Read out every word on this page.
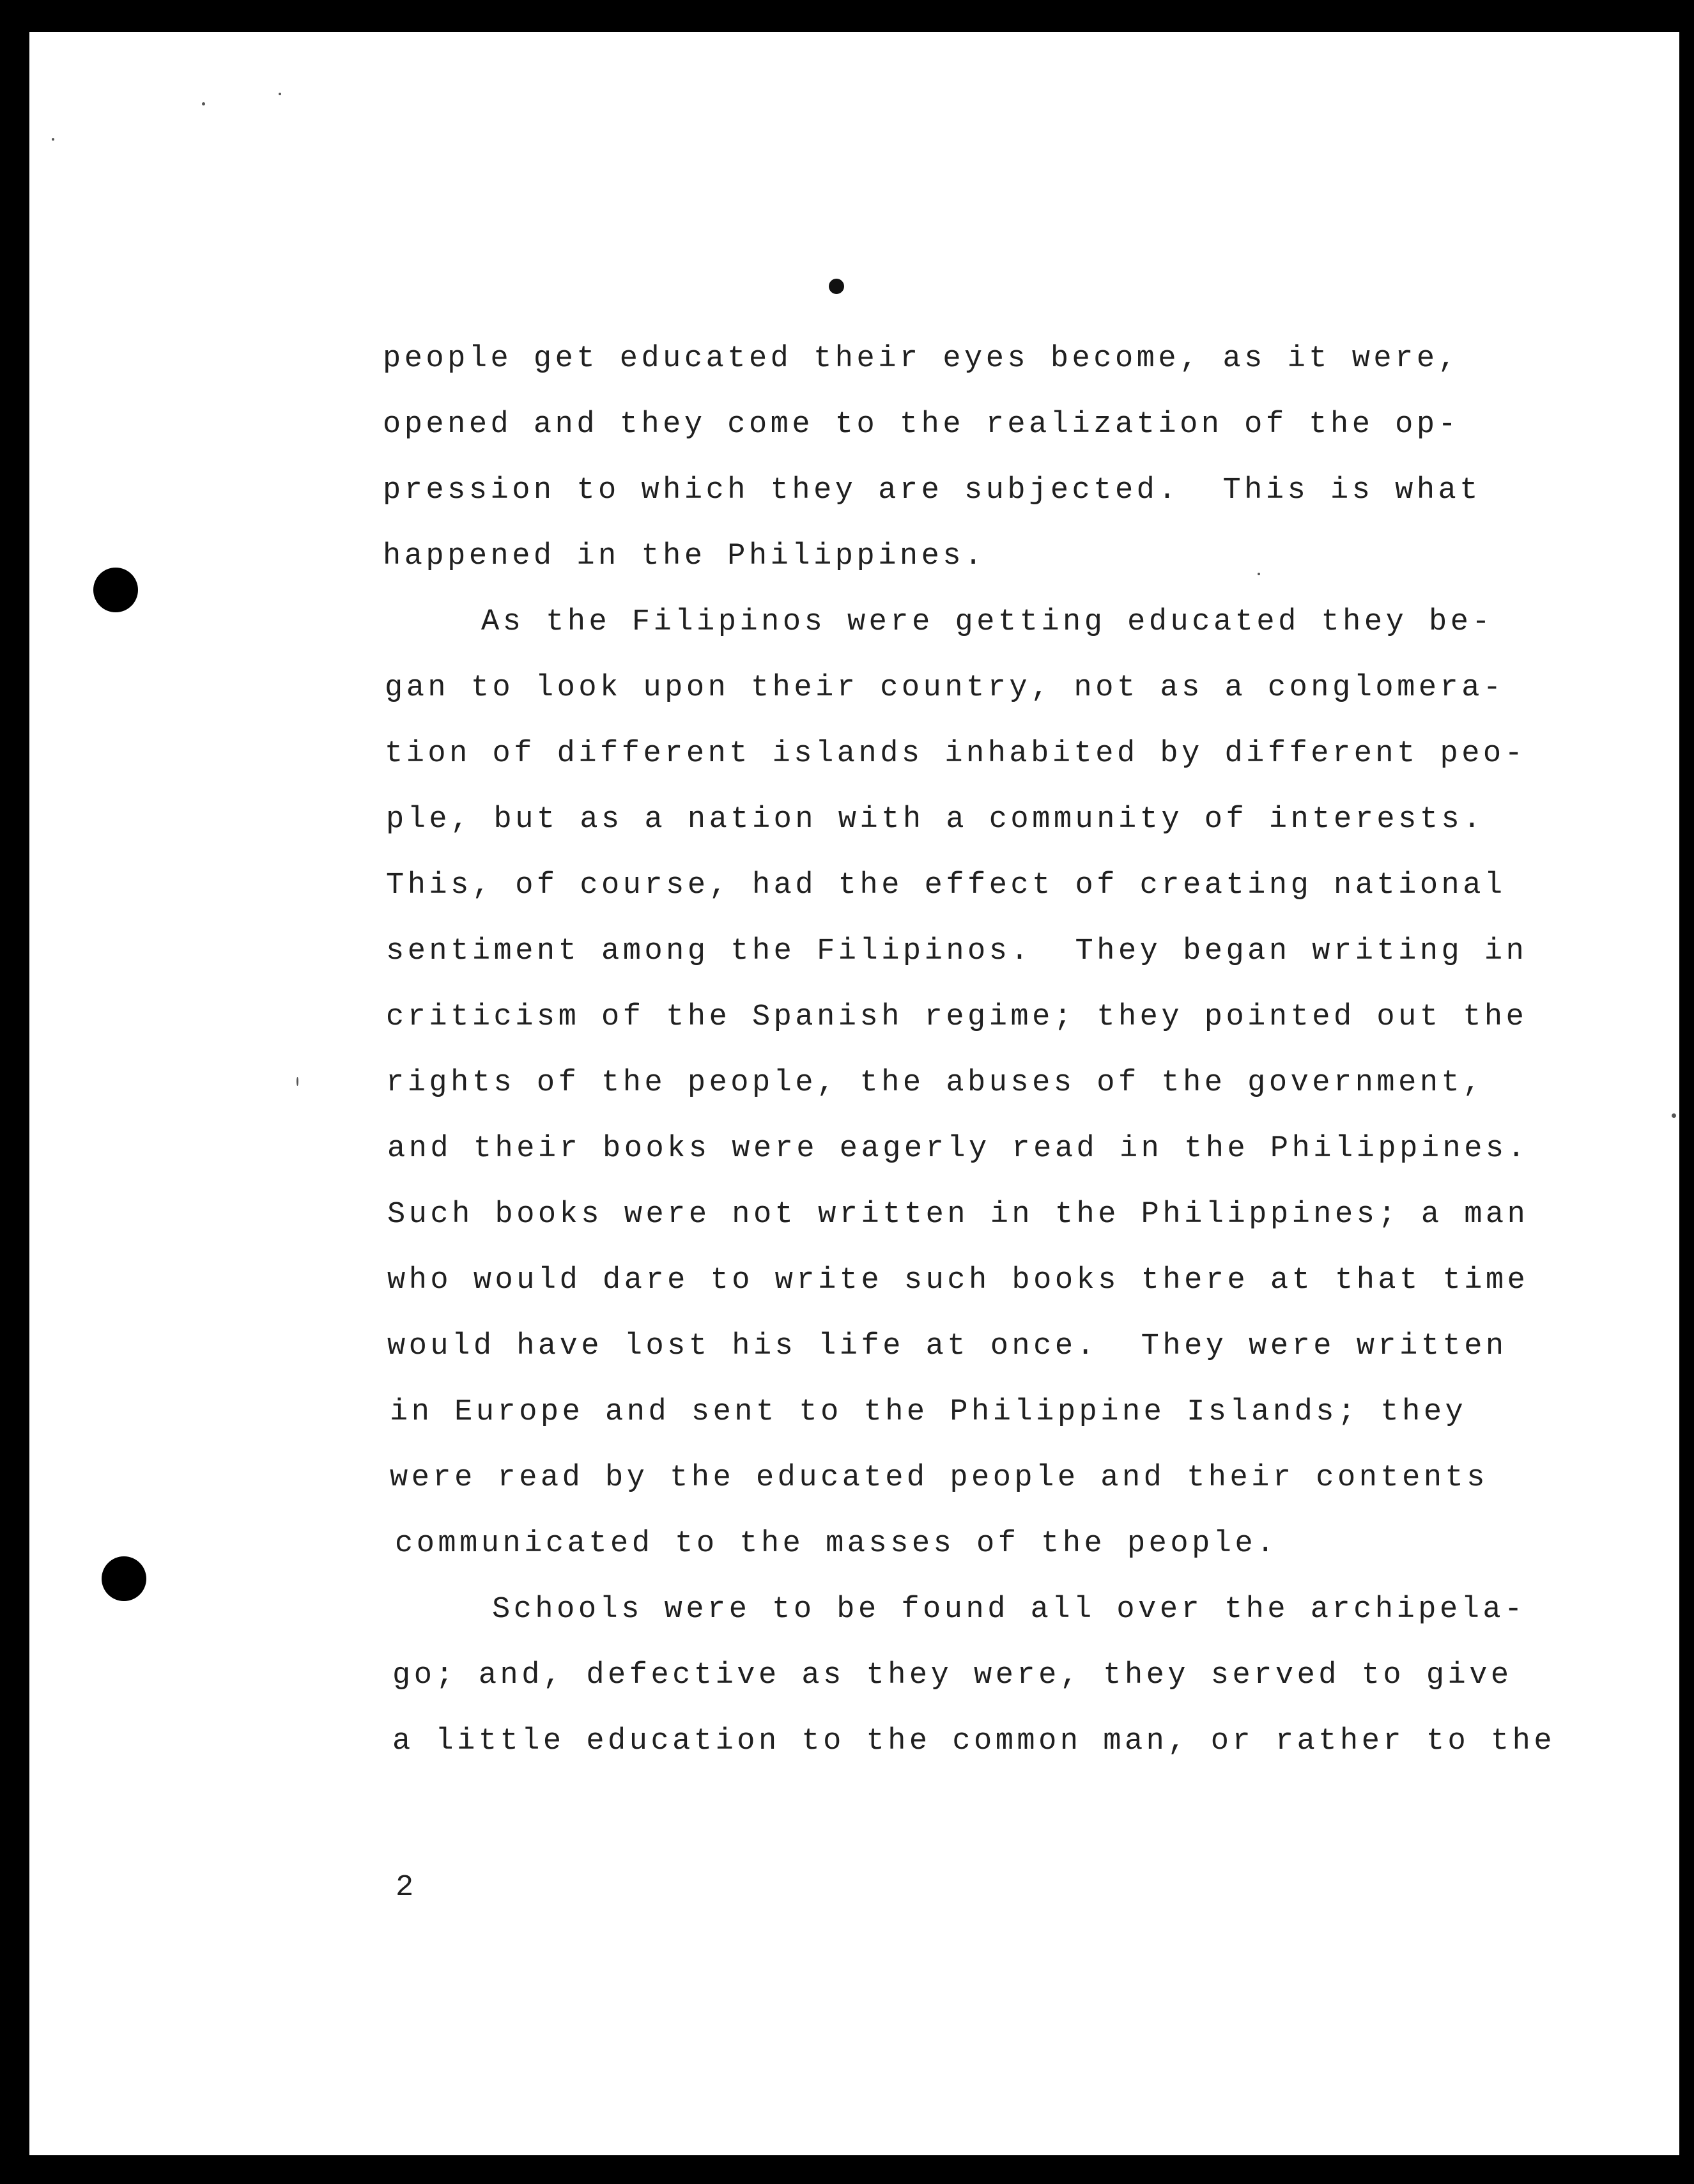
people get educated their eyes become, as it were,
opened and they come to the realization of the op-
pression to which they are subjected.  This is what
happened in the Philippines.
As the Filipinos were getting educated they be-
gan to look upon their country, not as a conglomera-
tion of different islands inhabited by different peo-
ple, but as a nation with a community of interests.
This, of course, had the effect of creating national
sentiment among the Filipinos.  They began writing in
criticism of the Spanish regime; they pointed out the
rights of the people, the abuses of the government,
and their books were eagerly read in the Philippines.
Such books were not written in the Philippines; a man
who would dare to write such books there at that time
would have lost his life at once.  They were written
in Europe and sent to the Philippine Islands; they
were read by the educated people and their contents
communicated to the masses of the people.
Schools were to be found all over the archipela-
go; and, defective as they were, they served to give
a little education to the common man, or rather to the
2
